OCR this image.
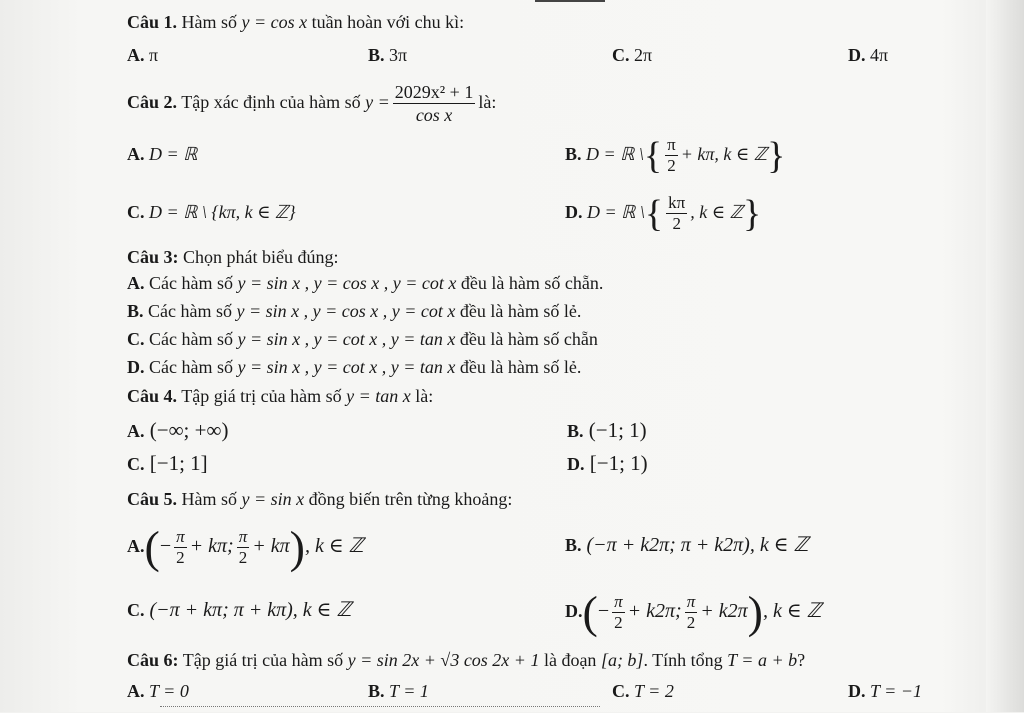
Câu 1. Hàm số y = cos x tuần hoàn với chu kì:
A. π	B. 3π	C. 2π	D. 4π
Câu 2. Tập xác định của hàm số $y = \frac{\text{2029x² + 1}}{\text{cos x}}$ là:
A. D = ℝ	B. D = ℝ \{ $\frac{\pi}{2} + k\pi$, k ∈ ℤ}
C. D = ℝ \ {kπ, k ∈ ℤ}	D. D = ℝ \{ $\frac{k\pi}{2}$ , k ∈ ℤ}
Câu 3: Chọn phát biểu đúng:
A. Các hàm số y = sin x , y = cos x , y = cot x đều là hàm số chẵn.
B. Các hàm số y = sin x , y = cos x , y = cot x đều là hàm số lẻ.
C. Các hàm số y = sin x , y = cot x , y = tan x đều là hàm số chẵn
D. Các hàm số y = sin x , y = cot x , y = tan x đều là hàm số lẻ.
Câu 4. Tập giá trị của hàm số y = tan x là:
A. (−∞; +∞)	B. (−1; 1)
C. [−1; 1]	D. [−1; 1)
Câu 5. Hàm số y = sin x đồng biến trên từng khoảng:
$A.(- \frac{\pi}{2} + k\pi$; $\frac{\pi}{2} + k\pi$), k ∈ ℤ	B. (−π + k2π; π + k2π), k ∈ ℤ
C. (−π + kπ; π + kπ), k ∈ ℤ	$D.(- \frac{\pi}{2} + k2\pi$; $\frac{\pi}{2} + k2\pi$), k ∈ ℤ
Câu 6: Tập giá trị của hàm số y = sin 2x + √3 cos 2x + 1 là đoạn [a; b]. Tính tổng T = a + b?
A. T = 0	B. T = 1	C. T = 2	D. T = −1
